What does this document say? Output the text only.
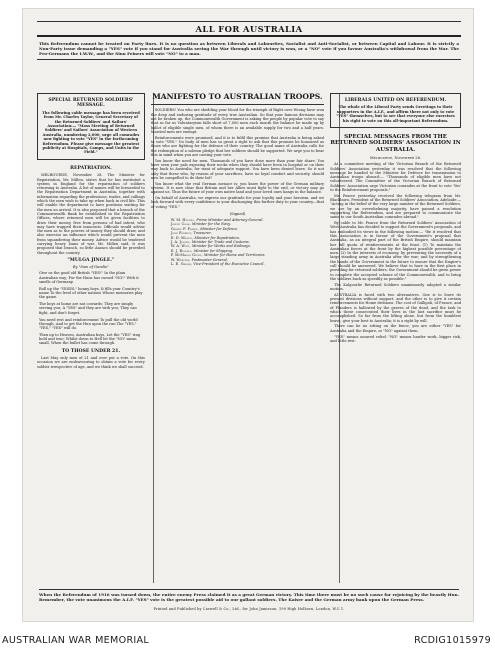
ALL FOR AUSTRALIA
This Referendum cannot be treated on Party lines. It is no question as between Liberals and Labourites, Socialist and Anti-Socialist, or between Capital and Labour. It is strictly a Non-Party issue demanding a "YES" vote if you stand for Australia seeing the War through until victory is won, or a "NO" vote if you favour Australia's withdrawal from the War. The Pro-Germans the I.W.W., and the Sinn Feiners will vote "NO" to a man.
SPECIAL RETURNED SOLDIERS' MESSAGE.
The following cable message has been received from Mr. Charles Taylor, General Secretary of the Returned Soldiers' and Sailors' Association:— "Mass Meeting of Returned Soldiers' and Sailors' Association of Western Australia, numbering 2,000, urge all comrades now fighting to vote "YES" in the forthcoming Referendum. Please give message the greatest publicity at Hospitals, Camps, and Units in the Field."
REPATRIATION.

MELBOURNE, November 28. The Minister for Repatriation, Mr. Millen, states that he has instituted a system in England for the repatriation of soldiers returning to Australia. A list of names will be forwarded to the Repatriation Department in Australia, together with information regarding the professions, trades, and callings which the men wish to take up when back in civil life. This will enable the department to have positions waiting for the men on arrival. It is also proposed that a branch of the Commonwealth Bank be established in the Repatriation Offices, where returned men will be given facilities to draw their money, free from persons of bad intent, who may have trapped their innocents. Officials would advise the men as to the powers of money they should draw, and also exercise an influence which would prevent the men from squandering their money. Advice would be tendered carrying heavy loans of war. Mr. Millen said, it was proposed that branch, so little Anzacs should be provided throughout the country.

"MULGA JINGLE."
By "Sam of Gundie"
Give us the good old British "YES!" In the plain Australian way; For the Huns has cursed "NO!" With it smells of Germany.
Roll up the "YESES," bonny boys, It fills your Country's name To the level of other nations Whose memories play the game.
The boys at home are not cowards; They are simply serving you; A "YES" and they are with you; They can fight, and don't forget.
You need rest and reinforcement To pull the old world through, And to get the Hun upon the run The "YES," "YES," "YES" will do.
Then up to Heaven, Australian boys, Let the "YES" ring bold and true; Whilst down to Hell let the "NO" mean small, When the bullet has come through.
TO THOSE UNDER 21.

Last May only men of 21 and over put a vote. On this occasion we are endeavouring to obtain a vote for every soldier irrespective of age, and we think we shall succeed.

MANIFESTO TO AUSTRALIAN TROOPS.

SOLDIERS! You who are shedding your blood for the triumph of Right over Wrong have won the deep and enduring gratitude of every true Australian. So that your famous divisions may not be broken up, the Commonwealth Government is asking the people by popular vote to say that so far as Voluntaryism falls short of 7,000 men each month the balance be made up by ballot of eligible single men, of whom there is an available supply for two and a half years. Married men are exempt.

Reinforcements were promised, and it is to fulfil this promise that Australia is being asked to vote "YES." No body of men has so great a right to ask that this promise be honoured as those who are fighting for the defence of their country. The good name of Australia calls for the redemption of a solemn pledge that her soldiers should be supported. We urge you to bear this in mind when you are casting your vote.

You know the need for men. Thousands of you have done more than your fair share. You have seen your pals exposing their necks when they should have been in hospital or on their way back to Australia, for want of adequate support. You have been denied leave. So it not only that these who, by reason of your sacrifices, have no loyal comfort and security, should now be compelled to do their bit?

You know what the real German menace is; you know the power of the German military system. It is now clear that Britain and her Allies must fight to the end, or victory may go against us. Thus the future of your own native land and your loved ones hangs in the balance.

On behalf of Australia, we express our gratitude for your loyalty and your heroism, and we look forward with every confidence to your discharging this further duty to your country—that of voting "YES."

(Signed)
W. M. Hughes, Prime Minister and Attorney-General.
Joseph Cook, Minister for the Navy.
George F. Pearce, Minister for Defence.
John Forrest, Treasurer.
E. D. Millen, Minister for Repatriation.
J. A. Jensen, Minister for Trade and Customs.
W. A. Watt, Minister for Works and Railways.
E. J. Russell, Minister for Shipping.
P. McMahon Glynn, Minister for Home and Territories.
W. Webster, Postmaster-General.
L. E. Groom, Vice-President of the Executive Council.
LIBERALS UNITED ON REFERENDUM.
The whole of the Liberal Party sends Greetings to their supporters in the A.I.F., and affirm there not only to vote "YES" themselves, but to see that everyone else exercises his right to vote on this all-important Referendum.
SPECIAL MESSAGES FROM THE RETURNED SOLDIERS' ASSOCIATION IN AUSTRALIA.
Melbourne, November 26.

At a committee meeting of the Victorian Branch of the Returned Soldiers' Association yesterday it was resolved that the following message be handed to the Minister for Defence for transmission to Australian troops abroad:— "Thousands of eligible men have not volunteered. The Committee of the Victorian Branch of Returned Soldiers' Association urge Victorian comrades at the front to vote 'Yes' to the Reinforcement proposals."

Mr. Pearce yesterday received the following telegram from Mr. Blackburn, President of the Returned Soldiers' Association, Adelaide:— "Acting in the belief of the very large number of the Returned Soldiers, we are by an overwhelming majority, have passed a resolution supporting the Referendum, and are prepared to communicate the same to our South Australian comrades abroad."

By cable to Mr. Pearce from the Returned Soldiers' Association of West Australia has decided to support the Government's proposals, and has embodied its views in the following motion:— "Be it resolved that this Association is in favour of the Government's proposal that Australia, as an integral part of the British Empire, should maintain her full quota of reinforcements at the front. (1) To maintain the Australian forces at the front by the highest possible percentage of men. (2) In the interests of economy, by preventing the necessity of a large standing army in Australia after the war; and by strengthening the hands of the Government in the future to ensure that the Empire's call should be answered. We believe that to have in the first place in providing for returned soldiers, the Government should be given power to complete the accepted scheme of the Commonwealth, and to bring the soldiers back as speedily as possible."

The Kalgoorlie Returned Soldiers unanimously adopted a similar motion.

AUSTRALIA is faced with two alternatives. One is to leave its present divisions without support, and the other is to give it certain reinforcements for Home divisions. The cost of Gallipoli, of France, and of Flanders is hallowed by the graves of the dead, and the task to which these consecrated their lives in the last sacrifice must be accomplished. So far from the lifting alone, but from the humblest brave, give your best to Australia; it is a right by will.

There can be no sitting on the fence; you are either "YES" for Australia and the Empire, or "NO" against them.

"YES" means assured relief. "NO" means harder work, bigger risk, and little rest.

When the Referendum of 1916 was turned down, the entire enemy Press claimed it as a great German victory. This time there must be no such cause for rejoicing by the beastly Hun. Remember, the vote unanimous the A.I.F. "YES" vote is the greatest possible aid to our gallant soldiers. The Kaiser and the German army bank upon the German Press.
Printed and Published by Caswell & Co., Ltd., for John Jamieson, 199 High Holborn, London, W.C.1.
AUSTRALIAN WAR MEMORIAL	RCDIG1015979
